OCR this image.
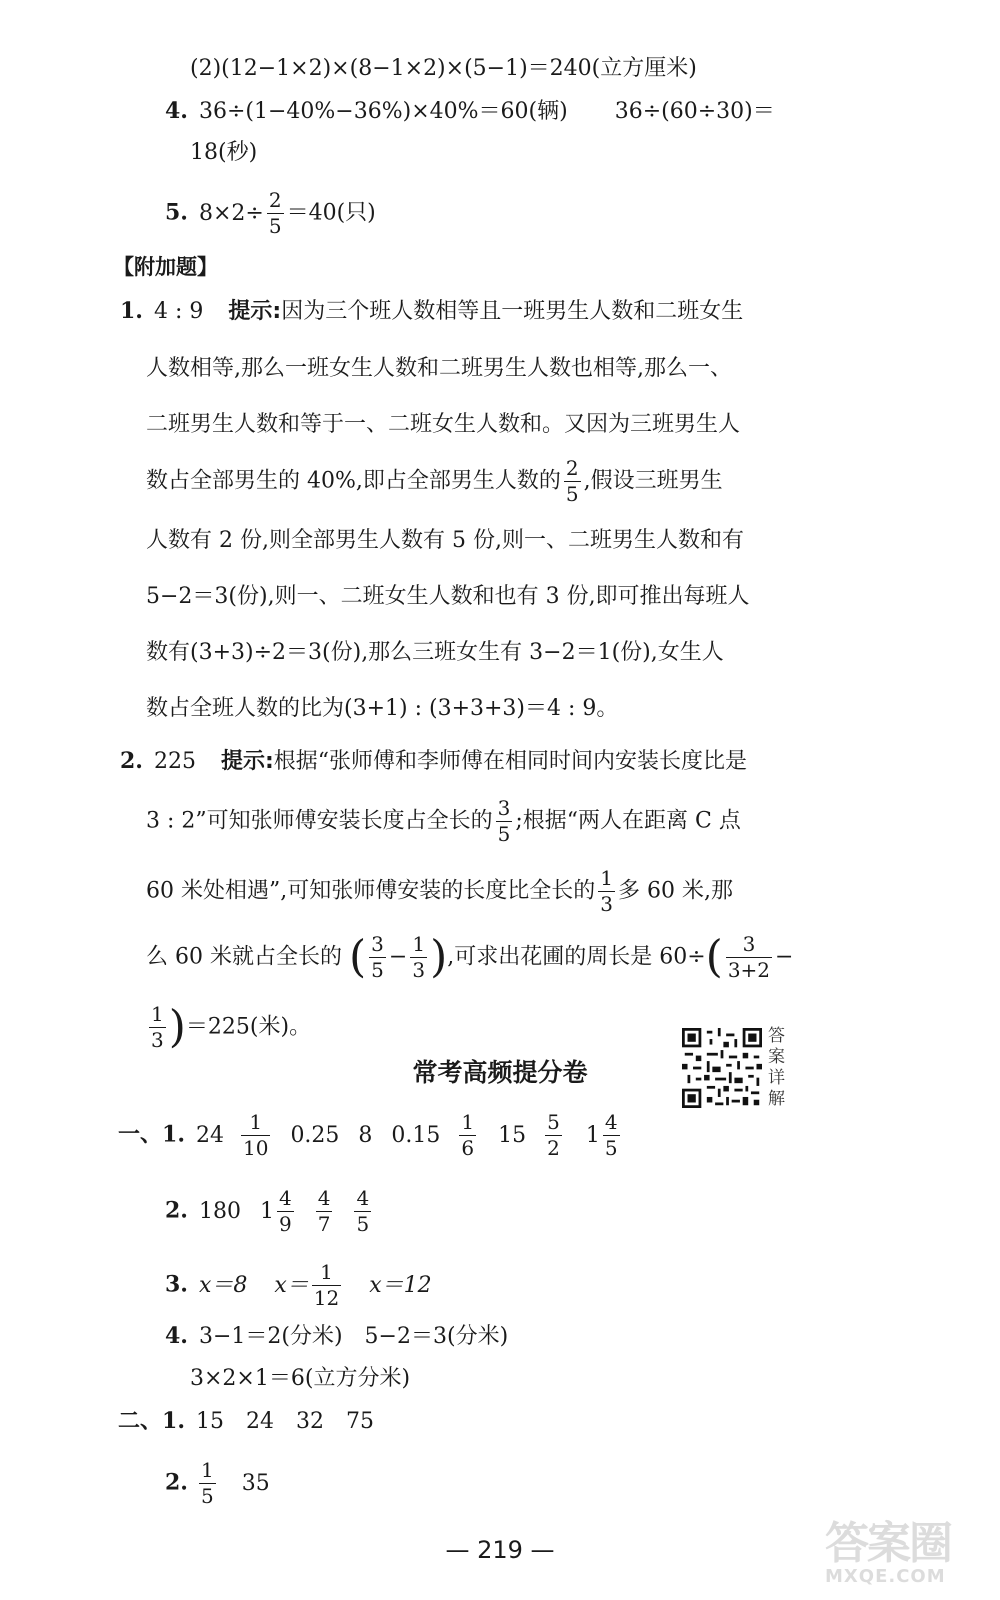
(2)(12−1×2)×(8−1×2)×(5−1)＝240(立方厘米)
4. 36÷(1−40%−36%)×40%＝60(辆) 36÷(60÷30)＝
18(秒)
5. $8\times 2\div \frac{2}{5} =40$(只)
【附加题】
1. 4 : 9 提示:因为三个班人数相等且一班男生人数和二班女生
人数相等,那么一班女生人数和二班男生人数也相等,那么一、
二班男生人数和等于一、二班女生人数和。又因为三班男生人
数占全部男生的 40%,即占全部男生人数的 $\frac{2}{5}$ ,假设三班男生
人数有 2 份,则全部男生人数有 5 份,则一、二班男生人数和有
5−2＝3(份),则一、二班女生人数和也有 3 份,即可推出每班人
数有(3+3)÷2＝3(份),那么三班女生有 3−2＝1(份),女生人
数占全班人数的比为(3+1) : (3+3+3)＝4 : 9。
2. 225 提示:根据“张师傅和李师傅在相同时间内安装长度比是
3 : 2”可知张师傅安装长度占全长的 $\frac{3}{5}$ ;根据“两人在距离 C 点
60 米处相遇”,可知张师傅安装的长度比全长的 $\frac{1}{3}$ 多 60 米,那
么 60 米就占全长的 ( $\frac{3}{5} - \frac{1}{3}$ ),可求出花圃的周长是 $60\div( \frac{3}{3+2}$ −
$\frac{1}{3} )=225$(米)。
常考高频提分卷
答案详解
一、1. $24 \frac{1}{10} 0.25$ 8 $0.15 \frac{1}{6} 15 \frac{5}{2} 1 \frac{4}{5}$
2. 180 $1 \frac{4}{9}$
$\frac{4}{7}$
$\frac{4}{5}$
3. x＝8 $x= \frac{1}{12} x=12$
4. 3−1＝2(分米)　5−2＝3(分米)
3×2×1＝6(立方分米)
二、1. 15　24　32　75
2. $\frac{1}{5} 35$
— 219 —	答案圈
MXQE.COM
